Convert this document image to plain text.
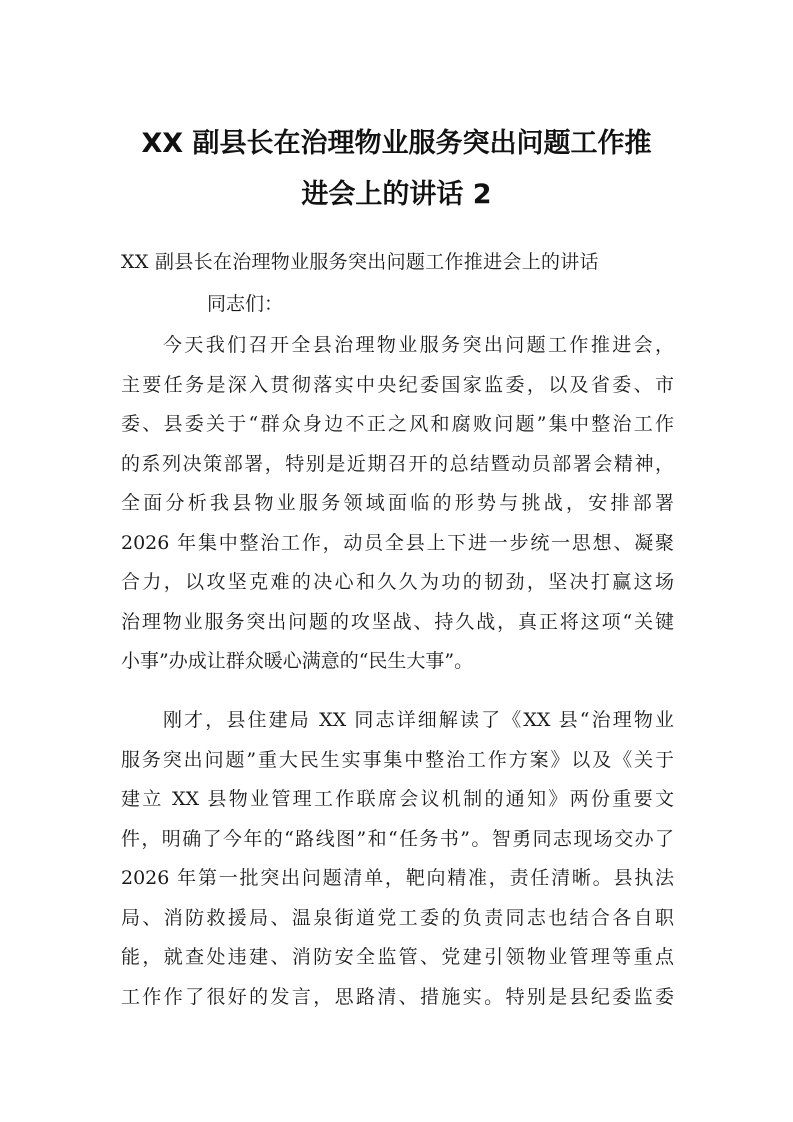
XX 副县长在治理物业服务突出问题工作推
进会上的讲话 2
XX 副县长在治理物业服务突出问题工作推进会上的讲话
同志们：
今天我们召开全县治理物业服务突出问题工作推进会，
主要任务是深入贯彻落实中央纪委国家监委，以及省委、市
委、县委关于“群众身边不正之风和腐败问题”集中整治工作
的系列决策部署，特别是近期召开的总结暨动员部署会精神，
全面分析我县物业服务领域面临的形势与挑战，安排部署
2026 年集中整治工作，动员全县上下进一步统一思想、凝聚
合力，以攻坚克难的决心和久久为功的韧劲，坚决打赢这场
治理物业服务突出问题的攻坚战、持久战，真正将这项“关键
小事”办成让群众暖心满意的“民生大事”。
刚才，县住建局 XX 同志详细解读了《XX 县“治理物业
服务突出问题”重大民生实事集中整治工作方案》以及《关于
建立 XX 县物业管理工作联席会议机制的通知》两份重要文
件，明确了今年的“路线图”和“任务书”。智勇同志现场交办了
2026 年第一批突出问题清单，靶向精准，责任清晰。县执法
局、消防救援局、温泉街道党工委的负责同志也结合各自职
能，就查处违建、消防安全监管、党建引领物业管理等重点
工作作了很好的发言，思路清、措施实。特别是县纪委监委
